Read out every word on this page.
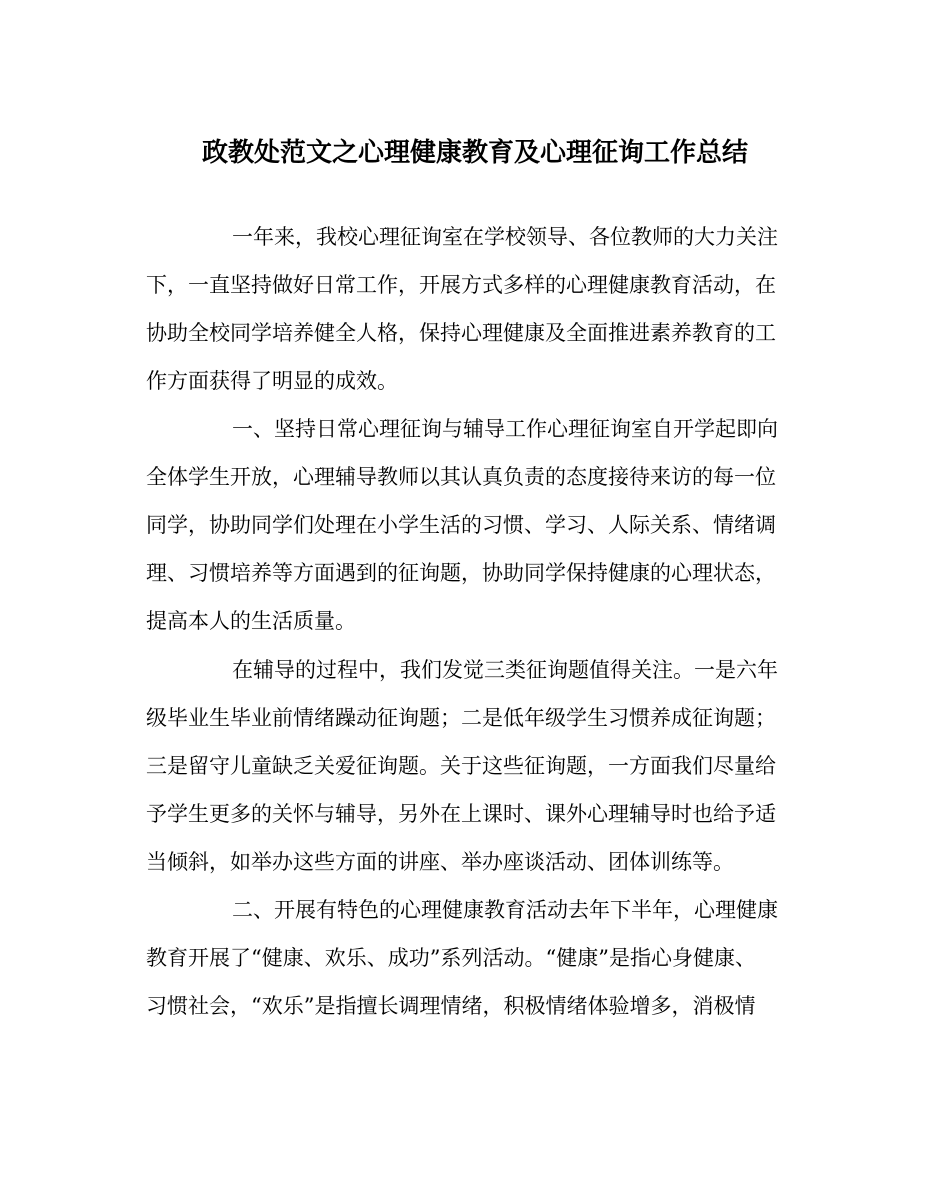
政教处范文之心理健康教育及心理征询工作总结

一年来，我校心理征询室在学校领导、各位教师的大力关注

下，一直坚持做好日常工作，开展方式多样的心理健康教育活动，在

协助全校同学培养健全人格，保持心理健康及全面推进素养教育的工

作方面获得了明显的成效。

一、坚持日常心理征询与辅导工作心理征询室自开学起即向

全体学生开放，心理辅导教师以其认真负责的态度接待来访的每一位

同学，协助同学们处理在小学生活的习惯、学习、人际关系、情绪调

理、习惯培养等方面遇到的征询题，协助同学保持健康的心理状态，

提高本人的生活质量。

在辅导的过程中，我们发觉三类征询题值得关注。一是六年

级毕业生毕业前情绪躁动征询题；二是低年级学生习惯养成征询题；

三是留守儿童缺乏关爱征询题。关于这些征询题，一方面我们尽量给

予学生更多的关怀与辅导，另外在上课时、课外心理辅导时也给予适

当倾斜，如举办这些方面的讲座、举办座谈活动、团体训练等。

二、开展有特色的心理健康教育活动去年下半年，心理健康

教育开展了“健康、欢乐、成功”系列活动。“健康”是指心身健康、

习惯社会，“欢乐”是指擅长调理情绪，积极情绪体验增多，消极情
